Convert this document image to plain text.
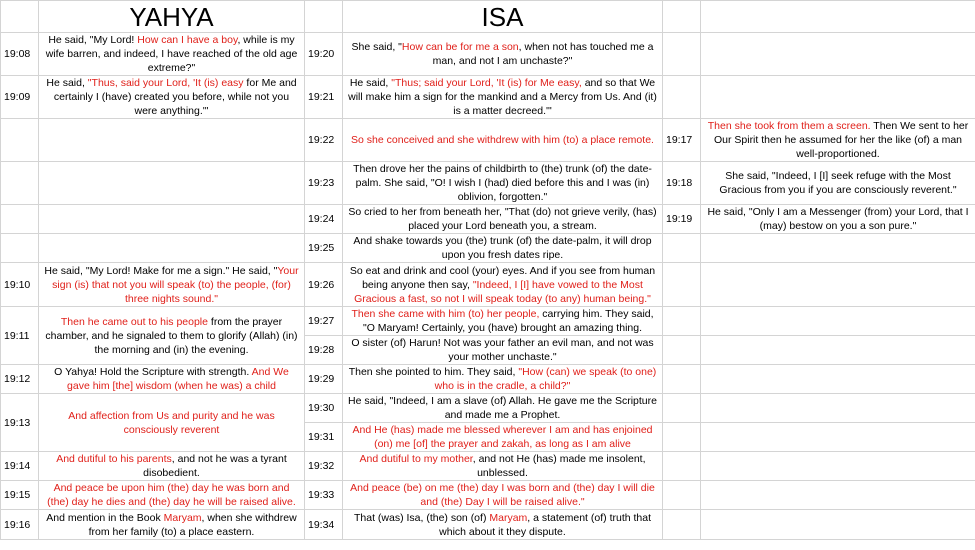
	YAHYA		ISA		
19:08	He said, "My Lord! How can I have a boy, while is my wife barren, and indeed, I have reached of the old age extreme?"	19:20	She said, "How can be for me a son, when not has touched me a man, and not I am unchaste?"		
19:09	He said, "Thus, said your Lord, 'It (is) easy for Me and certainly I (have) created you before, while not you were anything.'"	19:21	He said, "Thus; said your Lord, 'It (is) for Me easy, and so that We will make him a sign for the mankind and a Mercy from Us. And (it) is a matter decreed.'"		
		19:22	So she conceived and she withdrew with him (to) a place remote.	19:17	Then she took from them a screen. Then We sent to her Our Spirit then he assumed for her the like (of) a man well-proportioned.
		19:23	Then drove her the pains of childbirth to (the) trunk (of) the date-palm. She said, "O! I wish I (had) died before this and I was (in) oblivion, forgotten."	19:18	She said, "Indeed, I [I] seek refuge with the Most Gracious from you if you are consciously reverent."
		19:24	So cried to her from beneath her, "That (do) not grieve verily, (has) placed your Lord beneath you, a stream.	19:19	He said, "Only I am a Messenger (from) your Lord, that I (may) bestow on you a son pure."
		19:25	And shake towards you (the) trunk (of) the date-palm, it will drop upon you fresh dates ripe.		
19:10	He said, "My Lord! Make for me a sign." He said, "Your sign (is) that not you will speak (to) the people, (for) three nights sound."	19:26	So eat and drink and cool (your) eyes. And if you see from human being anyone then say, "Indeed, I [I] have vowed to the Most Gracious a fast, so not I will speak today (to any) human being."		
19:11	Then he came out to his people from the prayer chamber, and he signaled to them to glorify (Allah) (in) the morning and (in) the evening.	19:27	Then she came with him (to) her people, carrying him. They said, "O Maryam! Certainly, you (have) brought an amazing thing.		
		19:28	O sister (of) Harun! Not was your father an evil man, and not was your mother unchaste."		
19:12	O Yahya! Hold the Scripture with strength. And We gave him [the] wisdom (when he was) a child	19:29	Then she pointed to him. They said, "How (can) we speak (to one) who is in the cradle, a child?"		
19:13	And affection from Us and purity and he was consciously reverent	19:30	He said, "Indeed, I am a slave (of) Allah. He gave me the Scripture and made me a Prophet.		
		19:31	And He (has) made me blessed wherever I am and has enjoined (on) me [of] the prayer and zakah, as long as I am alive		
19:14	And dutiful to his parents, and not he was a tyrant disobedient.	19:32	And dutiful to my mother, and not He (has) made me insolent, unblessed.		
19:15	And peace be upon him (the) day he was born and (the) day he dies and (the) day he will be raised alive.	19:33	And peace (be) on me (the) day I was born and (the) day I will die and (the) Day I will be raised alive."		
19:16	And mention in the Book Maryam, when she withdrew from her family (to) a place eastern.	19:34	That (was) Isa, (the) son (of) Maryam, a statement (of) truth that which about it they dispute.		
